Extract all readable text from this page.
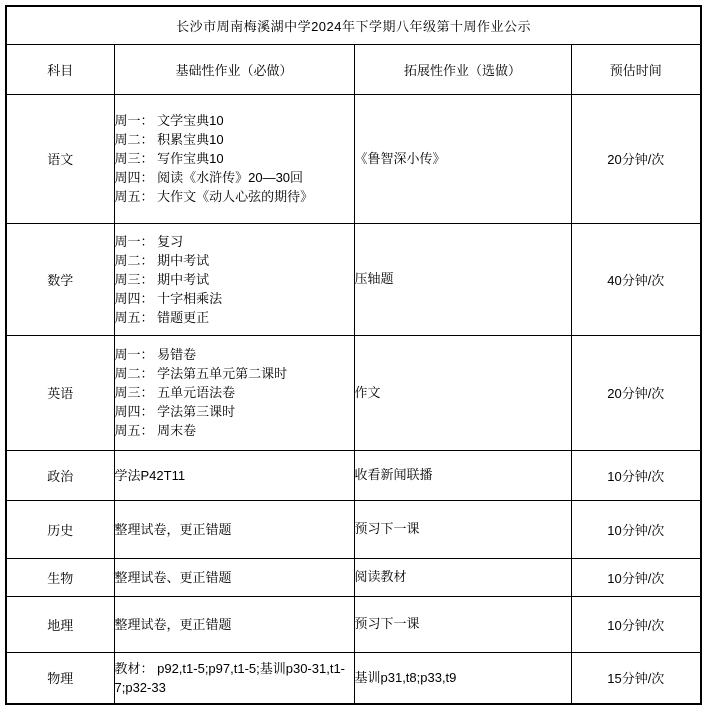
长沙市周南梅溪湖中学2024年下学期八年级第十周作业公示			
科目	基础性作业（必做）	拓展性作业（选做）	预估时间
语文	周一： 文学宝典10
周二： 积累宝典10
周三： 写作宝典10
周四： 阅读《水浒传》20—30回
周五： 大作文《动人心弦的期待》	《鲁智深小传》	20分钟/次
数学	周一： 复习
周二： 期中考试
周三： 期中考试
周四： 十字相乘法
周五： 错题更正	压轴题	40分钟/次
英语	周一： 易错卷
周二： 学法第五单元第二课时
周三： 五单元语法卷
周四： 学法第三课时
周五： 周末卷	作文	20分钟/次
政治	学法P42T11	收看新闻联播	10分钟/次
历史	整理试卷，更正错题	预习下一课	10分钟/次
生物	整理试卷、更正错题	阅读教材	10分钟/次
地理	整理试卷，更正错题	预习下一课	10分钟/次
物理	教材： p92,t1-5;p97,t1-5;基训p30-31,t1-7;p32-33	基训p31,t8;p33,t9	15分钟/次
